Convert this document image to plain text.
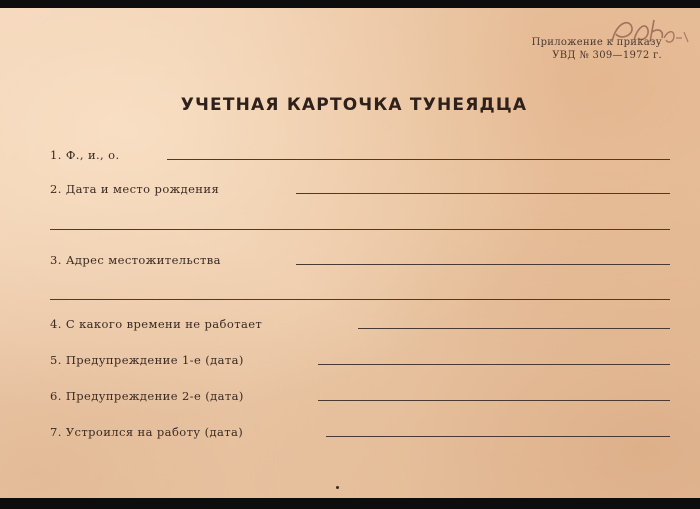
Приложение к приказу
УВД № 309—1972 г.
УЧЕТНАЯ КАРТОЧКА ТУНЕЯДЦА
1. Ф., и., о.
2. Дата и место рождения
3. Адрес местожительства
4. С какого времени не работает
5. Предупреждение 1-е (дата)
6. Предупреждение 2-е (дата)
7. Устроился на работу (дата)
